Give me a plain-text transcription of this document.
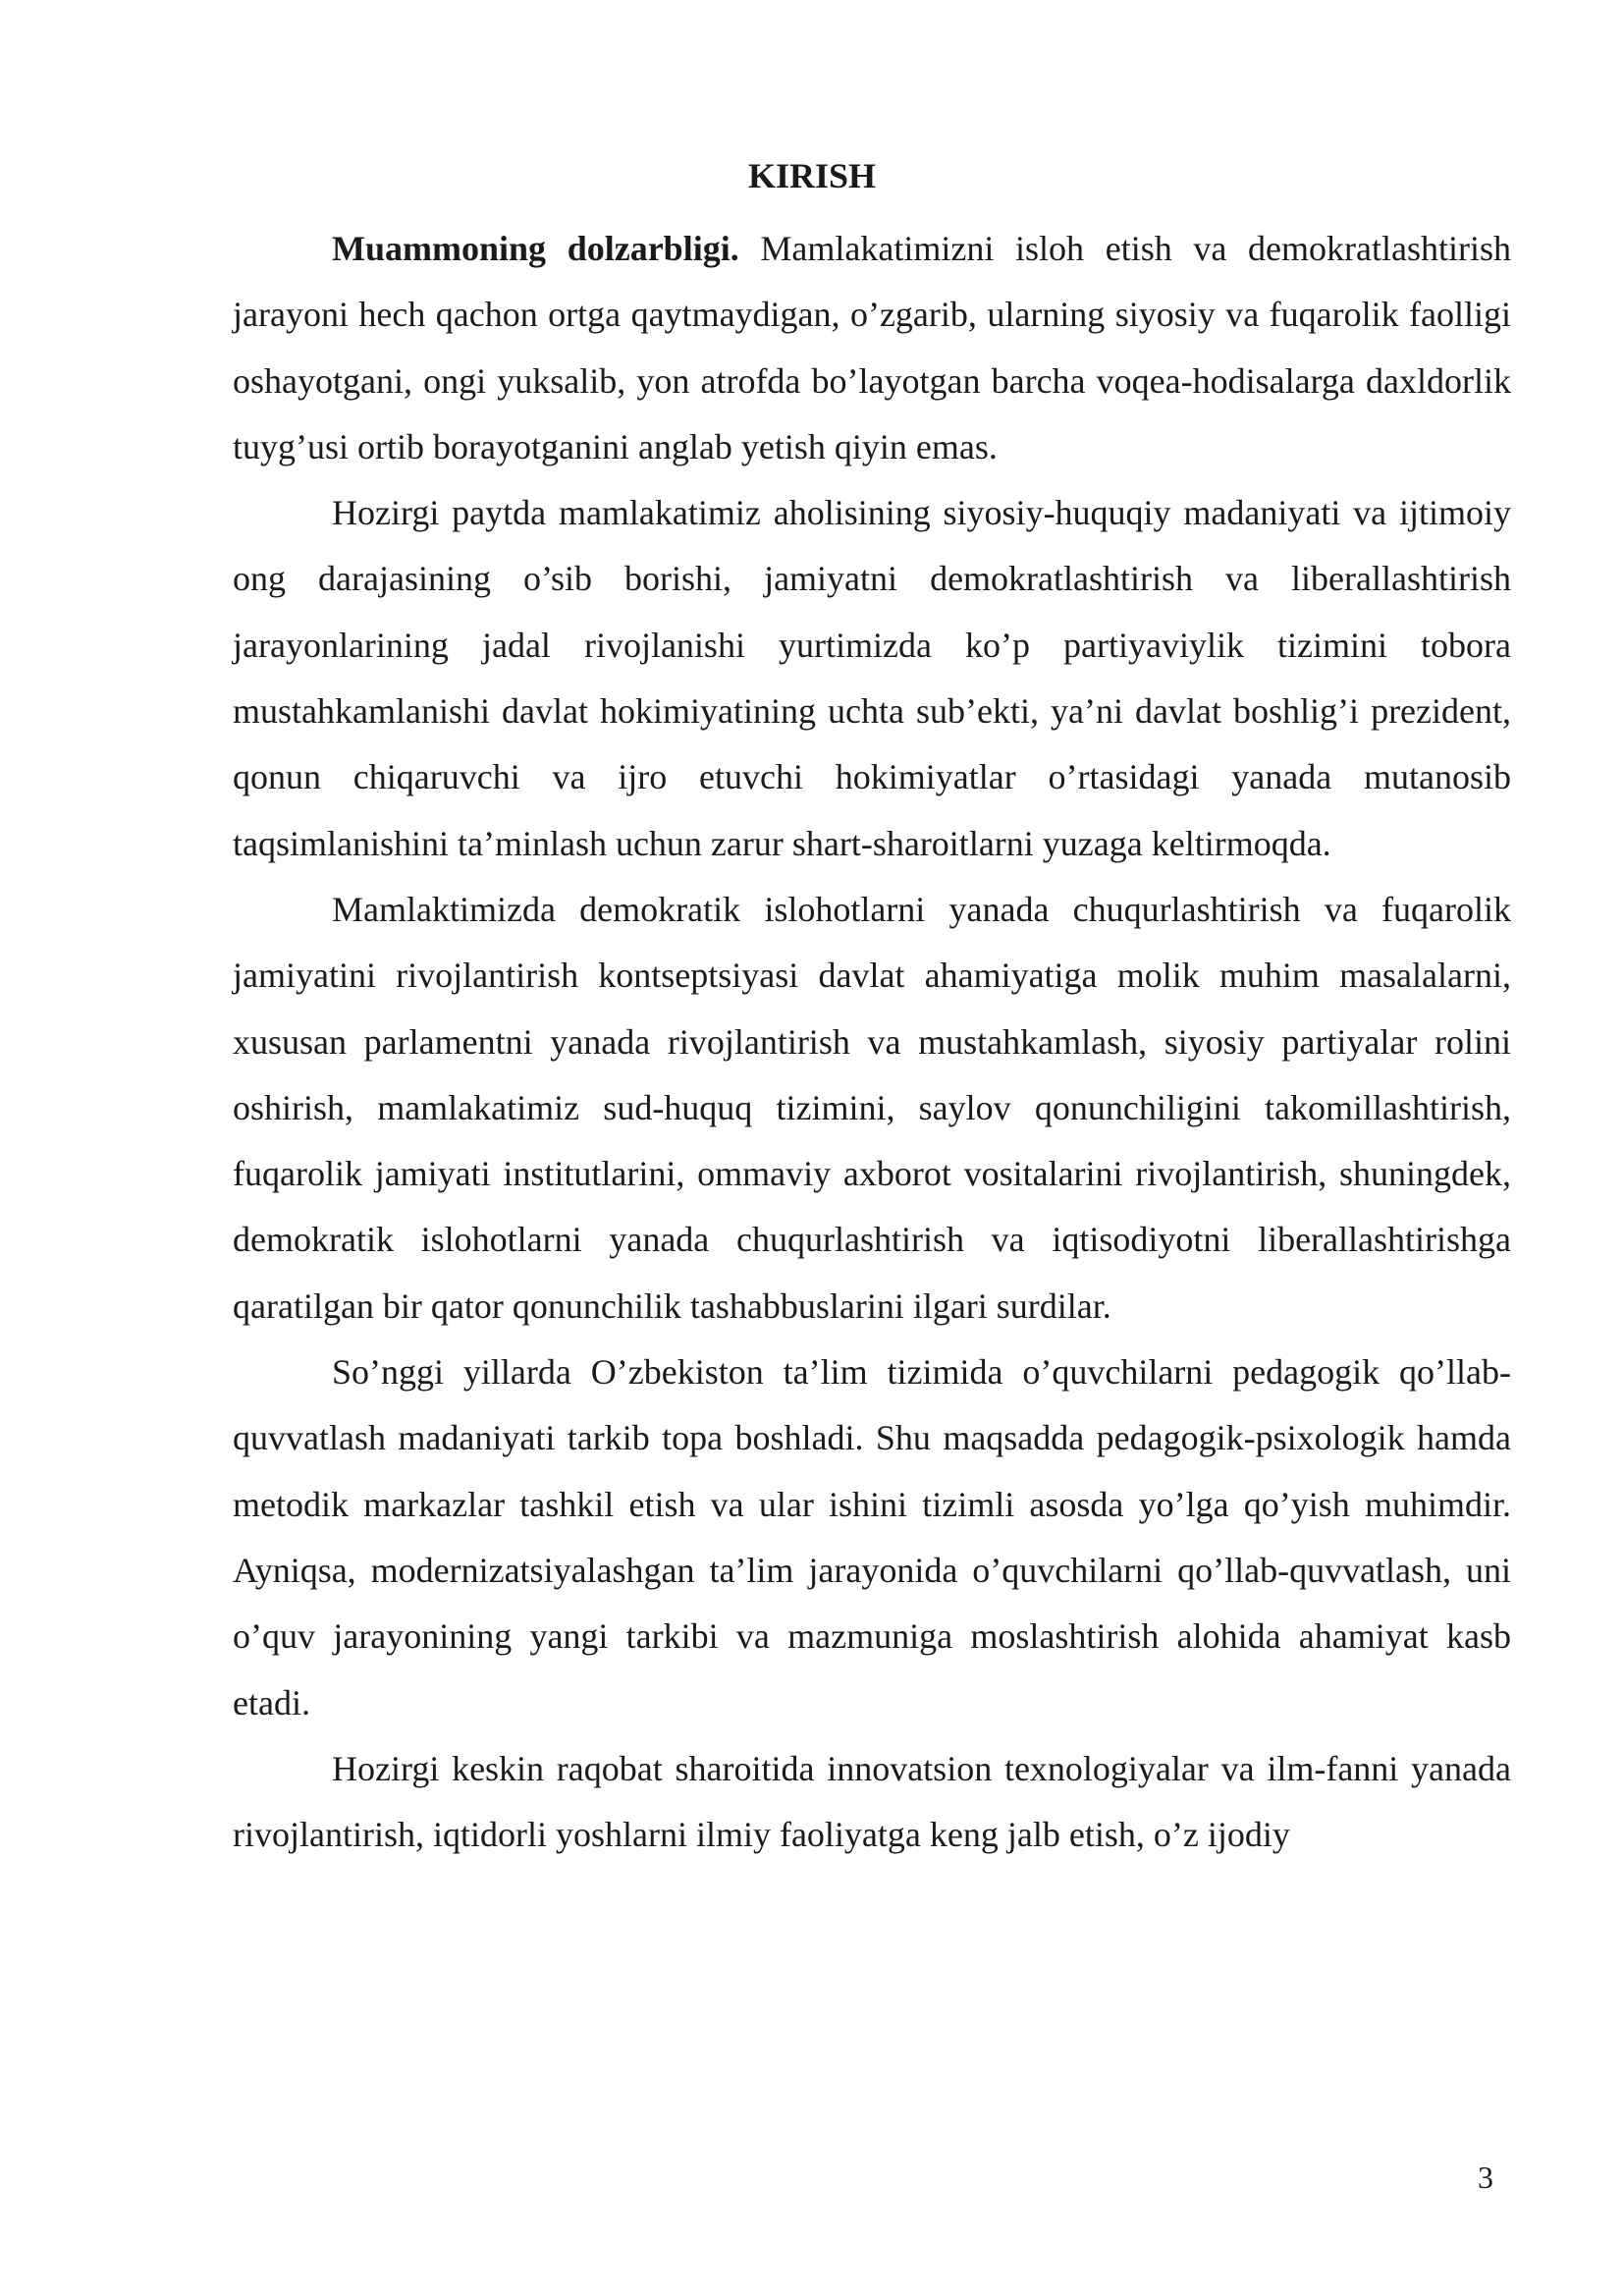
KIRISH

Muammoning dolzarbligi. Mamlakatimizni isloh etish va demokratlashtirish jarayoni hech qachon ortga qaytmaydigan, o’zgarib, ularning siyosiy va fuqarolik faolligi oshayotgani, ongi yuksalib, yon atrofda bo’layotgan barcha voqea-hodisalarga daxldorlik tuyg’usi ortib borayotganini anglab yetish qiyin emas.

Hozirgi paytda mamlakatimiz aholisining siyosiy-huquqiy madaniyati va ijtimoiy ong darajasining o’sib borishi, jamiyatni demokratlashtirish va liberallashtirish jarayonlarining jadal rivojlanishi yurtimizda ko’p partiyaviylik tizimini tobora mustahkamlanishi davlat hokimiyatining uchta sub’ekti, ya’ni davlat boshlig’i prezident, qonun chiqaruvchi va ijro etuvchi hokimiyatlar o’rtasidagi yanada mutanosib taqsimlanishini ta’minlash uchun zarur shart-sharoitlarni yuzaga keltirmoqda.

Mamlaktimizda demokratik islohotlarni yanada chuqurlashtirish va fuqarolik jamiyatini rivojlantirish kontseptsiyasi davlat ahamiyatiga molik muhim masalalarni, xususan parlamentni yanada rivojlantirish va mustahkamlash, siyosiy partiyalar rolini oshirish, mamlakatimiz sud-huquq tizimini, saylov qonunchiligini takomillashtirish, fuqarolik jamiyati institutlarini, ommaviy axborot vositalarini rivojlantirish, shuningdek, demokratik islohotlarni yanada chuqurlashtirish va iqtisodiyotni liberallashtirishga qaratilgan bir qator qonunchilik tashabbuslarini ilgari surdilar.

So’nggi yillarda O’zbekiston ta’lim tizimida o’quvchilarni pedagogik qo’llab-quvvatlash madaniyati tarkib topa boshladi. Shu maqsadda pedagogik-psixologik hamda metodik markazlar tashkil etish va ular ishini tizimli asosda yo’lga qo’yish muhimdir. Ayniqsa, modernizatsiyalashgan ta’lim jarayonida o’quvchilarni qo’llab-quvvatlash, uni o’quv jarayonining yangi tarkibi va mazmuniga moslashtirish alohida ahamiyat kasb etadi.

Hozirgi keskin raqobat sharoitida innovatsion texnologiyalar va ilm-fanni yanada rivojlantirish, iqtidorli yoshlarni ilmiy faoliyatga keng jalb etish, o’z ijodiy

3
